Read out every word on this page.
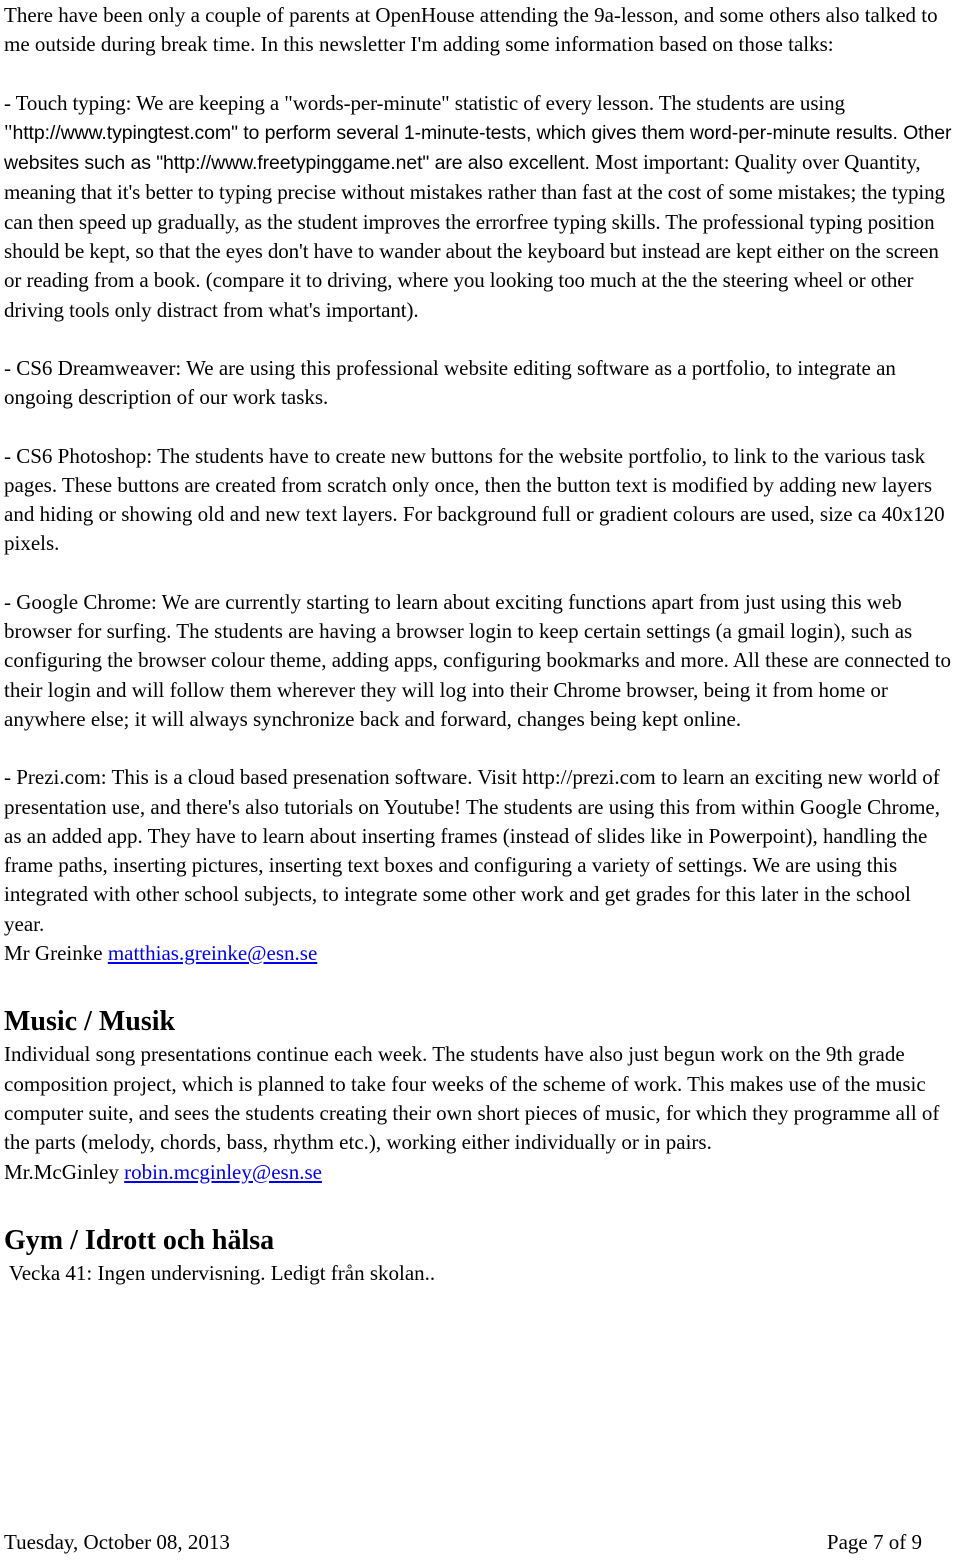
There have been only a couple of parents at OpenHouse attending the 9a-lesson, and some others also talked to me outside during break time. In this newsletter I'm adding some information based on those talks:

- Touch typing: We are keeping a "words-per-minute" statistic of every lesson. The students are using "http://www.typingtest.com" to perform several 1-minute-tests, which gives them word-per-minute results. Other websites such as "http://www.freetypinggame.net" are also excellent. Most important: Quality over Quantity, meaning that it's better to typing precise without mistakes rather than fast at the cost of some mistakes; the typing can then speed up gradually, as the student improves the errorfree typing skills. The professional typing position should be kept, so that the eyes don't have to wander about the keyboard but instead are kept either on the screen or reading from a book. (compare it to driving, where you looking too much at the the steering wheel or other driving tools only distract from what's important).

- CS6 Dreamweaver: We are using this professional website editing software as a portfolio, to integrate an ongoing description of our work tasks.

- CS6 Photoshop: The students have to create new buttons for the website portfolio, to link to the various task pages. These buttons are created from scratch only once, then the button text is modified by adding new layers and hiding or showing old and new text layers. For background full or gradient colours are used, size ca 40x120 pixels.

- Google Chrome: We are currently starting to learn about exciting functions apart from just using this web browser for surfing. The students are having a browser login to keep certain settings (a gmail login), such as configuring the browser colour theme, adding apps, configuring bookmarks and more. All these are connected to their login and will follow them wherever they will log into their Chrome browser, being it from home or anywhere else; it will always synchronize back and forward, changes being kept online.

- Prezi.com: This is a cloud based presenation software. Visit http://prezi.com to learn an exciting new world of presentation use, and there's also tutorials on Youtube! The students are using this from within Google Chrome, as an added app. They have to learn about inserting frames (instead of slides like in Powerpoint), handling the frame paths, inserting pictures, inserting text boxes and configuring a variety of settings. We are using this integrated with other school subjects, to integrate some other work and get grades for this later in the school year.

Mr Greinke matthias.greinke@esn.se

Music / Musik

Individual song presentations continue each week. The students have also just begun work on the 9th grade composition project, which is planned to take four weeks of the scheme of work. This makes use of the music computer suite, and sees the students creating their own short pieces of music, for which they programme all of the parts (melody, chords, bass, rhythm etc.), working either individually or in pairs.

Mr.McGinley robin.mcginley@esn.se

Gym / Idrott och hälsa

Vecka 41: Ingen undervisning. Ledigt från skolan..

Tuesday, October 08, 2013	Page 7 of 9
